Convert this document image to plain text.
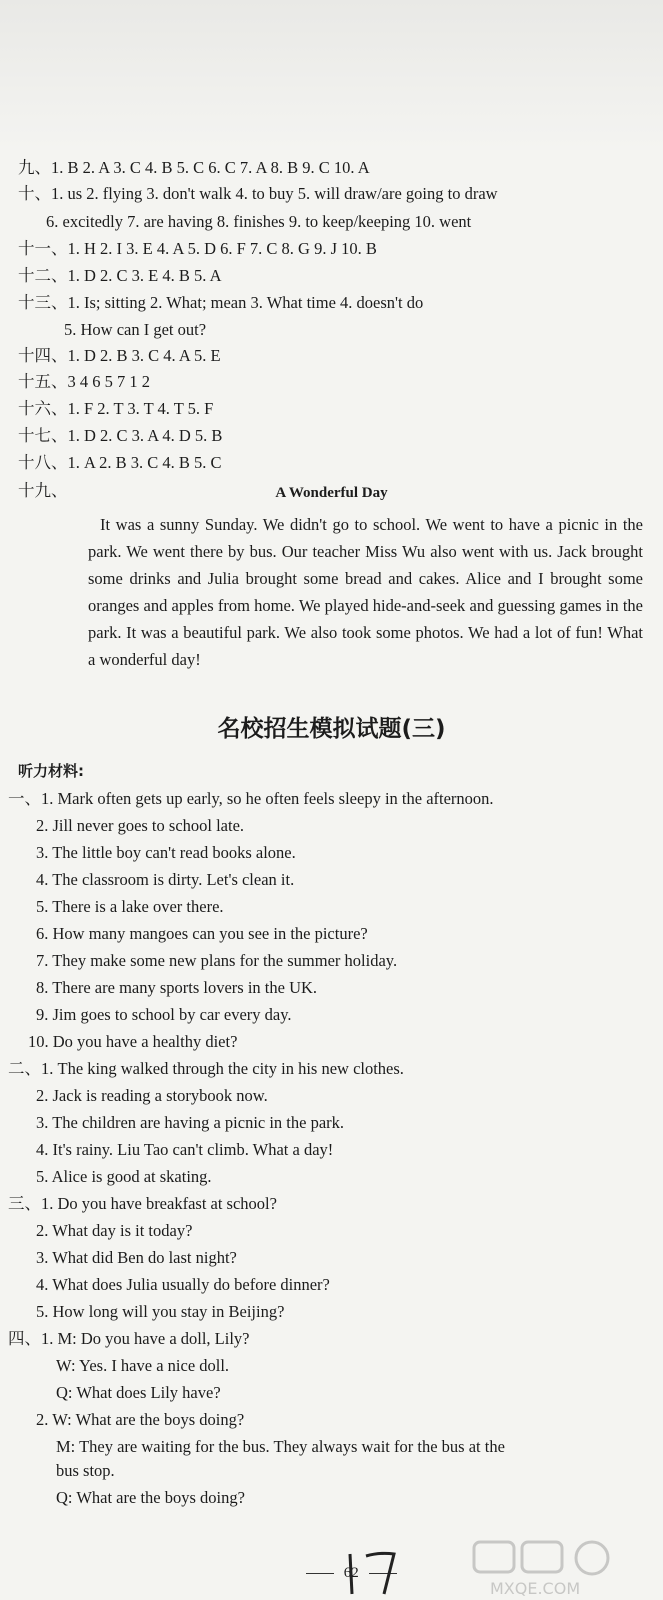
九、1. B 2. A 3. C 4. B 5. C 6. C 7. A 8. B 9. C 10. A
十、1. us 2. flying 3. don't walk 4. to buy 5. will draw/are going to draw
6. excitedly 7. are having 8. finishes 9. to keep/keeping 10. went
十一、1. H 2. I 3. E 4. A 5. D 6. F 7. C 8. G 9. J 10. B
十二、1. D 2. C 3. E 4. B 5. A
十三、1. Is; sitting 2. What; mean 3. What time 4. doesn't do
5. How can I get out?
十四、1. D 2. B 3. C 4. A 5. E
十五、3 4 6 5 7 1 2
十六、1. F 2. T 3. T 4. T 5. F
十七、1. D 2. C 3. A 4. D 5. B
十八、1. A 2. B 3. C 4. B 5. C
十九、	A Wonderful Day
It was a sunny Sunday. We didn't go to school. We went to have a picnic in the park. We went there by bus. Our teacher Miss Wu also went with us. Jack brought some drinks and Julia brought some bread and cakes. Alice and I brought some oranges and apples from home. We played hide-and-seek and guessing games in the park. It was a beautiful park. We also took some photos. We had a lot of fun! What a wonderful day!
名校招生模拟试题(三)
听力材料:
一、1. Mark often gets up early, so he often feels sleepy in the afternoon.
2. Jill never goes to school late.
3. The little boy can't read books alone.
4. The classroom is dirty. Let's clean it.
5. There is a lake over there.
6. How many mangoes can you see in the picture?
7. They make some new plans for the summer holiday.
8. There are many sports lovers in the UK.
9. Jim goes to school by car every day.
10. Do you have a healthy diet?
二、1. The king walked through the city in his new clothes.
2. Jack is reading a storybook now.
3. The children are having a picnic in the park.
4. It's rainy. Liu Tao can't climb. What a day!
5. Alice is good at skating.
三、1. Do you have breakfast at school?
2. What day is it today?
3. What did Ben do last night?
4. What does Julia usually do before dinner?
5. How long will you stay in Beijing?
四、1. M: Do you have a doll, Lily?
W: Yes. I have a nice doll.
Q: What does Lily have?
2. W: What are the boys doing?
M: They are waiting for the bus. They always wait for the bus at the
bus stop.
Q: What are the boys doing?
62
MXQE.COM
